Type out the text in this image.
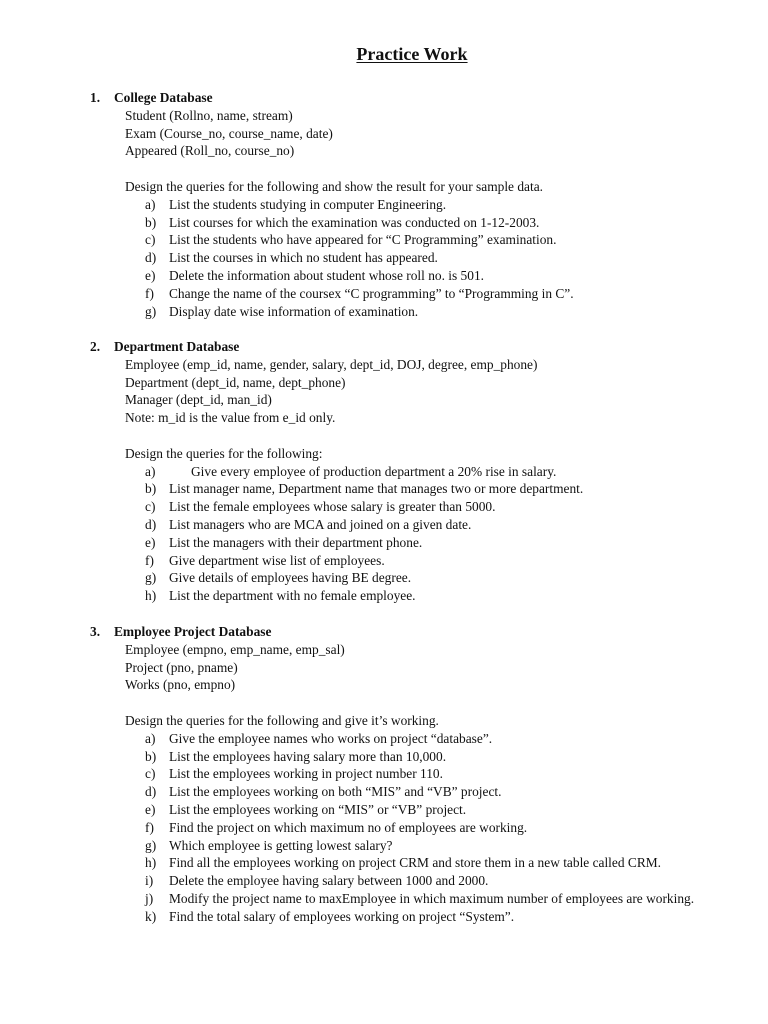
Practice Work
1. College Database
Student (Rollno, name, stream)
Exam (Course_no, course_name, date)
Appeared (Roll_no, course_no)
Design the queries for the following and show the result for your sample data.
a)	List the students studying in computer Engineering.
b) List courses for which the examination was conducted on 1-12-2003.
c)	List the students who have appeared for “C Programming” examination.
d) List the courses in which no student has appeared.
e)	Delete the information about student whose roll no. is 501.
f)	Change the name of the coursex “C programming” to “Programming in C”.
g) Display date wise information of examination.
2. Department Database
Employee (emp_id, name, gender, salary, dept_id, DOJ, degree, emp_phone)
Department (dept_id, name, dept_phone)
Manager (dept_id, man_id)
Note: m_id is the value from e_id only.
Design the queries for the following:
a)	Give every employee of production department a 20% rise in salary.
b) List manager name, Department name that manages two or more department.
c)	List the female employees whose salary is greater than 5000.
d) List managers who are MCA and joined on a given date.
e)	List the managers with their department phone.
f)	Give department wise list of employees.
g) Give details of employees having BE degree.
h) List the department with no female employee.
3. Employee Project Database
Employee (empno, emp_name, emp_sal)
Project (pno, pname)
Works (pno, empno)
Design the queries for the following and give it’s working.
a)	Give the employee names who works on project “database”.
b) List the employees having salary more than 10,000.
c)	List the employees working in project number 110.
d) List the employees working on both “MIS” and “VB” project.
e)	List the employees working on “MIS” or “VB” project.
f)	Find the project on which maximum no of employees are working.
g) Which employee is getting lowest salary?
h) Find all the employees working on project CRM and store them in a new table called CRM.
i)	Delete the employee having salary between 1000 and 2000.
j)	Modify the project name to maxEmployee in which maximum number of employees are working.
k) Find the total salary of employees working on project “System”.
